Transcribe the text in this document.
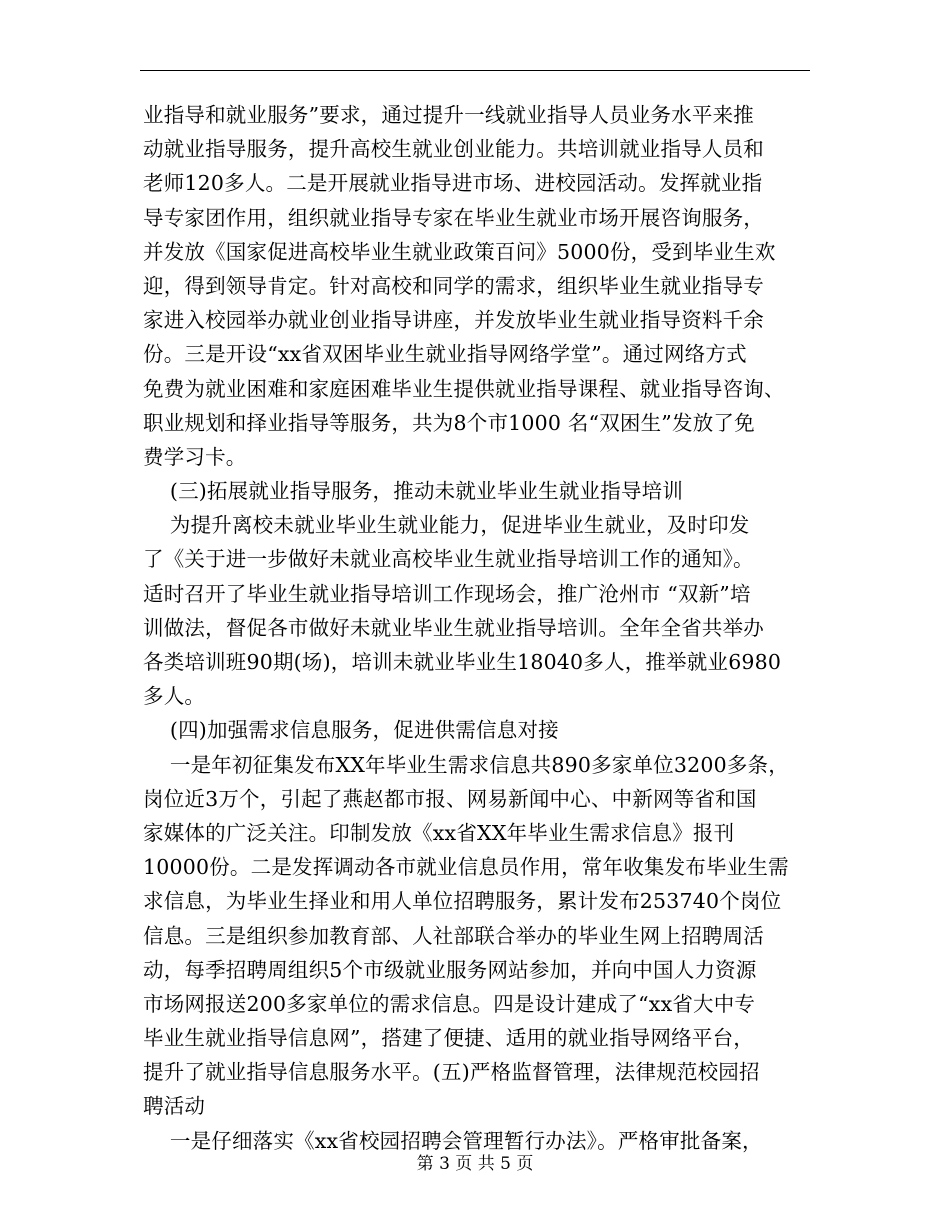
业指导和就业服务”要求，通过提升一线就业指导人员业务水平来推
动就业指导服务，提升高校生就业创业能力。共培训就业指导人员和
老师120多人。二是开展就业指导进市场、进校园活动。发挥就业指
导专家团作用，组织就业指导专家在毕业生就业市场开展咨询服务，
并发放《国家促进高校毕业生就业政策百问》5000份，受到毕业生欢
迎，得到领导肯定。针对高校和同学的需求，组织毕业生就业指导专
家进入校园举办就业创业指导讲座，并发放毕业生就业指导资料千余
份。三是开设“xx省双困毕业生就业指导网络学堂”。通过网络方式
免费为就业困难和家庭困难毕业生提供就业指导课程、就业指导咨询、
职业规划和择业指导等服务，共为8个市1000 名“双困生”发放了免
费学习卡。
(三)拓展就业指导服务，推动未就业毕业生就业指导培训
为提升离校未就业毕业生就业能力，促进毕业生就业，及时印发
了《关于进一步做好未就业高校毕业生就业指导培训工作的通知》。
适时召开了毕业生就业指导培训工作现场会，推广沧州市 “双新”培
训做法，督促各市做好未就业毕业生就业指导培训。全年全省共举办
各类培训班90期(场)，培训未就业毕业生18040多人，推举就业6980
多人。
(四)加强需求信息服务，促进供需信息对接
一是年初征集发布XX年毕业生需求信息共890多家单位3200多条，
岗位近3万个，引起了燕赵都市报、网易新闻中心、中新网等省和国
家媒体的广泛关注。印制发放《xx省XX年毕业生需求信息》报刊
10000份。二是发挥调动各市就业信息员作用，常年收集发布毕业生需
求信息，为毕业生择业和用人单位招聘服务，累计发布253740个岗位
信息。三是组织参加教育部、人社部联合举办的毕业生网上招聘周活
动，每季招聘周组织5个市级就业服务网站参加，并向中国人力资源
市场网报送200多家单位的需求信息。四是设计建成了“xx省大中专
毕业生就业指导信息网”，搭建了便捷、适用的就业指导网络平台，
提升了就业指导信息服务水平。(五)严格监督管理，法律规范校园招
聘活动
一是仔细落实《xx省校园招聘会管理暂行办法》。严格审批备案，
第 3 页 共 5 页
